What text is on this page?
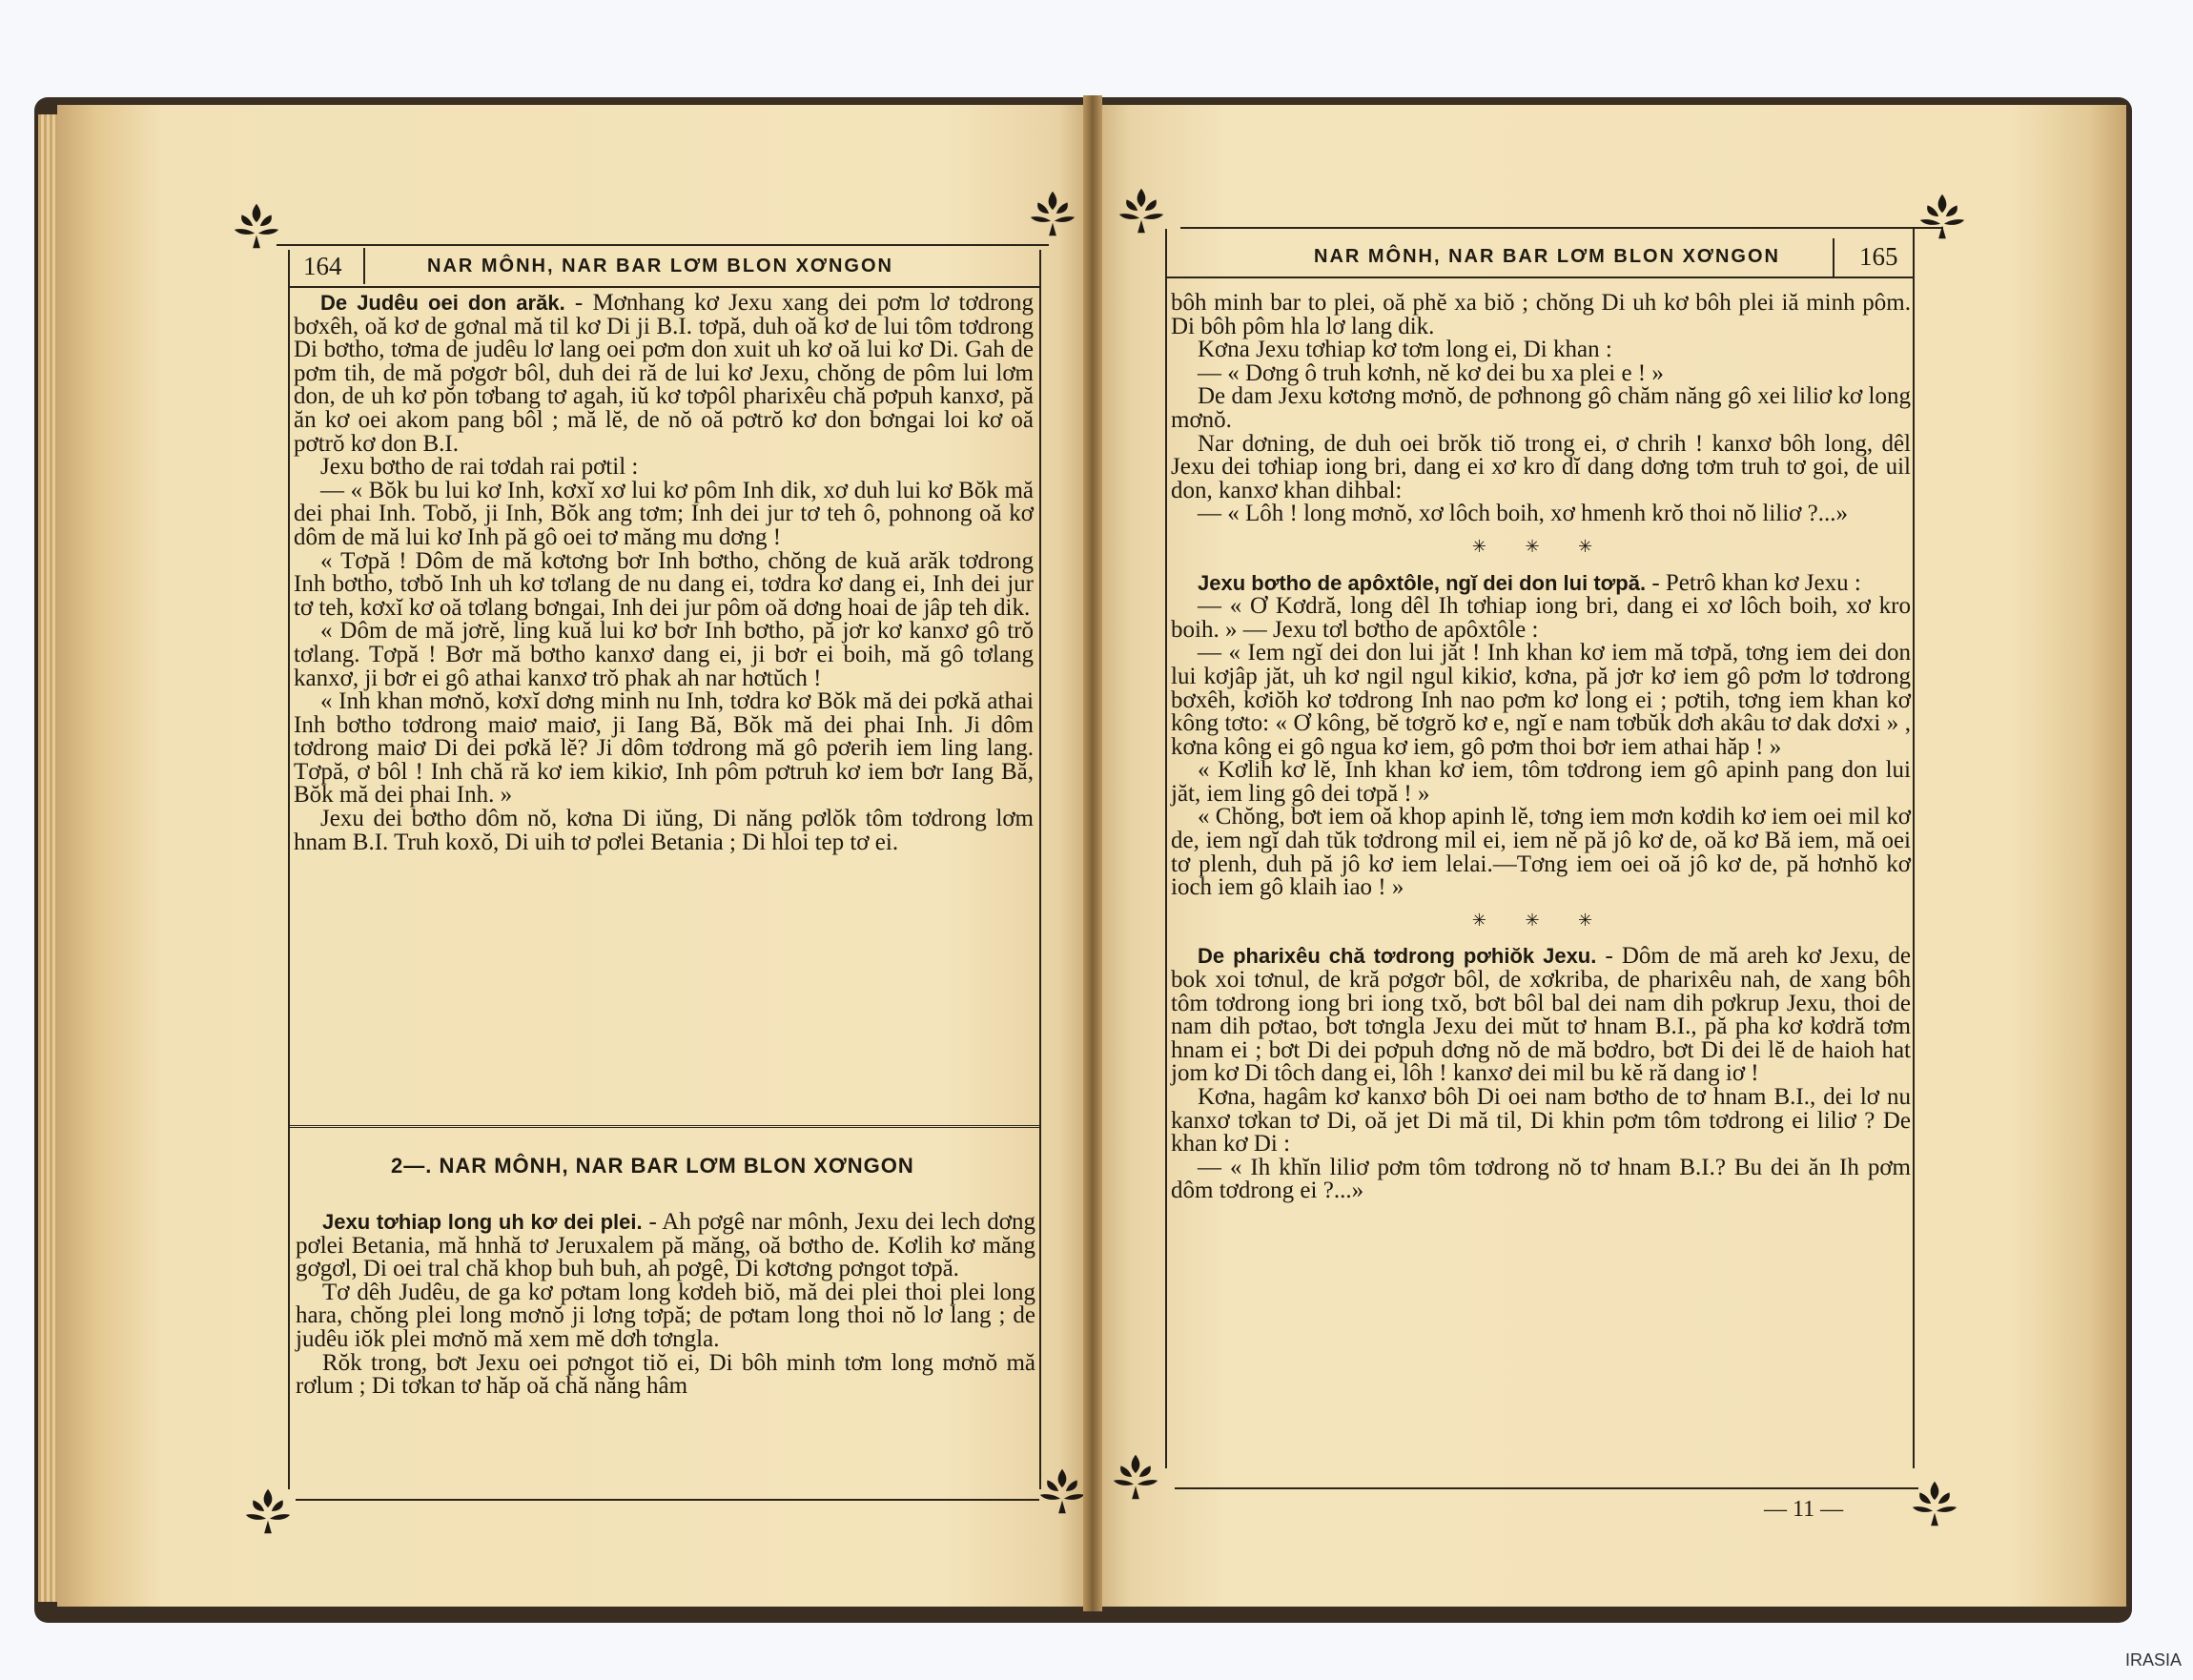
164	NAR MÔNH, NAR BAR LƠM BLON XƠNGON

De Judêu oei don arăk. - Mơnhang kơ Jexu xang dei pơm lơ tơdrong bơxêh, oă kơ de gơnal mă til kơ Di ji B.I. tơpă, duh oă kơ de lui tôm tơdrong Di bơtho, tơma de judêu lơ lang oei pơm don xuit uh kơ oă lui kơ Di. Gah de pơm tih, de mă pơgơr bôl, duh dei ră de lui kơ Jexu, chŏng de pôm lui lơm don, de uh kơ pŏn tơbang tơ agah, iŭ kơ tơpôl pharixêu chă pơpuh kanxơ, pă ăn kơ oei akom pang bôl ; mă lĕ, de nŏ oă pơtrŏ kơ don bơngai loi kơ oă pơtrŏ kơ don B.I.

Jexu bơtho de rai tơdah rai pơtil :

— « Bŏk bu lui kơ Inh, kơxĭ xơ lui kơ pôm Inh dik, xơ duh lui kơ Bŏk mă dei phai Inh. Tobŏ, ji Inh, Bŏk ang tơm; Inh dei jur tơ teh ô, pohnong oă kơ dôm de mă lui kơ Inh pă gô oei tơ măng mu dơng !

« Tơpă ! Dôm de mă kơtơng bơr Inh bơtho, chŏng de kuă arăk tơdrong Inh bơtho, tơbŏ Inh uh kơ tơlang de nu dang ei, tơdra kơ dang ei, Inh dei jur tơ teh, kơxĭ kơ oă tơlang bơngai, Inh dei jur pôm oă dơng hoai de jâp teh dik.

« Dôm de mă jơrĕ, ling kuă lui kơ bơr Inh bơtho, pă jơr kơ kanxơ gô trŏ tơlang. Tơpă ! Bơr mă bơtho kanxơ dang ei, ji bơr ei boih, mă gô tơlang kanxơ, ji bơr ei gô athai kanxơ trŏ phak ah nar hơtŭch !

« Inh khan mơnŏ, kơxĭ dơng minh nu Inh, tơdra kơ Bŏk mă dei pơkă athai Inh bơtho tơdrong maiơ maiơ, ji Iang Bă, Bŏk mă dei phai Inh. Ji dôm tơdrong maiơ Di dei pơkă lĕ? Ji dôm tơdrong mă gô pơerih iem ling lang. Tơpă, ơ bôl ! Inh chă ră kơ iem kikiơ, Inh pôm pơtruh kơ iem bơr Iang Bă, Bŏk mă dei phai Inh. »

Jexu dei bơtho dôm nŏ, kơna Di iŭng, Di năng pơlŏk tôm tơdrong lơm hnam B.I. Truh koxŏ, Di uih tơ pơlei Betania ; Di hloi tep tơ ei.

2—. NAR MÔNH, NAR BAR LƠM BLON XƠNGON

Jexu tơhiap long uh kơ dei plei. - Ah pơgê nar mônh, Jexu dei lech dơng pơlei Betania, mă hnhă tơ Jeruxalem pă măng, oă bơtho de. Kơlih kơ măng gơgơl, Di oei tral chă khop buh buh, ah pơgê, Di kơtơng pơngot tơpă.

Tơ dêh Judêu, de ga kơ pơtam long kơdeh biŏ, mă dei plei thoi plei long hara, chŏng plei long mơnŏ ji lơng tơpă; de pơtam long thoi nŏ lơ lang ; de judêu iŏk plei mơnŏ mă xem mĕ dơh tơngla.

Rŏk trong, bơt Jexu oei pơngot tiŏ ei, Di bôh minh tơm long mơnŏ mă rơlum ; Di tơkan tơ hăp oă chă năng hâm

NAR MÔNH, NAR BAR LƠM BLON XƠNGON	165

bôh minh bar to plei, oă phĕ xa biŏ ; chŏng Di uh kơ bôh plei iă minh pôm. Di bôh pôm hla lơ lang dik.

Kơna Jexu tơhiap kơ tơm long ei, Di khan :

— « Dơng ô truh kơnh, nĕ kơ dei bu xa plei e ! »

De dam Jexu kơtơng mơnŏ, de pơhnong gô chăm năng gô xei liliơ kơ long mơnŏ.

Nar dơning, de duh oei brŏk tiŏ trong ei, ơ chrih ! kanxơ bôh long, dêl Jexu dei tơhiap iong bri, dang ei xơ kro dĭ dang dơng tơm truh tơ goi, de uil don, kanxơ khan dihbal:

— « Lôh ! long mơnŏ, xơ lôch boih, xơ hmenh krŏ thoi nŏ liliơ ?...»

✳ ✳ ✳

Jexu bơtho de apôxtôle, ngĭ dei don lui tơpă. - Petrô khan kơ Jexu :

— « Ơ Kơdră, long dêl Ih tơhiap iong bri, dang ei xơ lôch boih, xơ kro boih. » — Jexu tơl bơtho de apôxtôle :

— « Iem ngĭ dei don lui jăt ! Inh khan kơ iem mă tơpă, tơng iem dei don lui kơjâp jăt, uh kơ ngil ngul kikiơ, kơna, pă jơr kơ iem gô pơm lơ tơdrong bơxêh, kơiŏh kơ tơdrong Inh nao pơm kơ long ei ; pơtih, tơng iem khan kơ kông tơto: « Ơ kông, bĕ tơgrŏ kơ e, ngĭ e nam tơbŭk dơh akâu tơ dak dơxi » , kơna kông ei gô ngua kơ iem, gô pơm thoi bơr iem athai hăp ! »

« Kơlih kơ lĕ, Inh khan kơ iem, tôm tơdrong iem gô apinh pang don lui jăt, iem ling gô dei tơpă ! »

« Chŏng, bơt iem oă khop apinh lĕ, tơng iem mơn kơdih kơ iem oei mil kơ de, iem ngĭ dah tŭk tơdrong mil ei, iem nĕ pă jô kơ de, oă kơ Bă iem, mă oei tơ plenh, duh pă jô kơ iem lelai.—Tơng iem oei oă jô kơ de, pă hơnhŏ kơ ioch iem gô klaih iao ! »

✳ ✳ ✳

De pharixêu chă tơdrong pơhiŏk Jexu. - Dôm de mă areh kơ Jexu, de bok xoi tơnul, de kră pơgơr bôl, de xơkriba, de pharixêu nah, de xang bôh tôm tơdrong iong bri iong txŏ, bơt bôl bal dei nam dih pơkrup Jexu, thoi de nam dih pơtao, bơt tơngla Jexu dei mŭt tơ hnam B.I., pă pha kơ kơdră tơm hnam ei ; bơt Di dei pơpuh dơng nŏ de mă bơdro, bơt Di dei lĕ de haioh hat jom kơ Di tôch dang ei, lôh ! kanxơ dei mil bu kĕ ră dang iơ !

Kơna, hagâm kơ kanxơ bôh Di oei nam bơtho de tơ hnam B.I., dei lơ nu kanxơ tơkan tơ Di, oă jet Di mă til, Di khin pơm tôm tơdrong ei liliơ ? De khan kơ Di :

— « Ih khĭn liliơ pơm tôm tơdrong nŏ tơ hnam B.I.? Bu dei ăn Ih pơm dôm tơdrong ei ?...»

— 11 —
IRASIA
